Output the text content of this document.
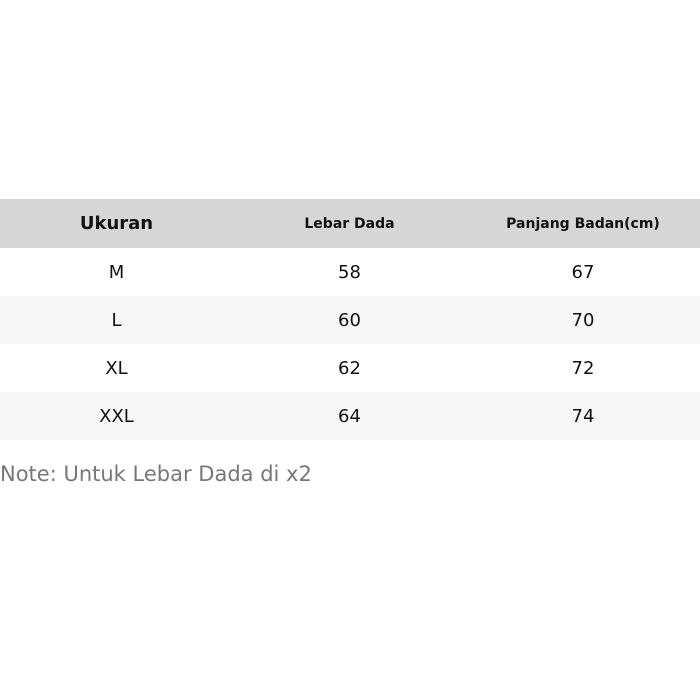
Ukuran	Lebar Dada	Panjang Badan(cm)
M	58	67
L	60	70
XL	62	72
XXL	64	74
Note: Untuk Lebar Dada di x2
